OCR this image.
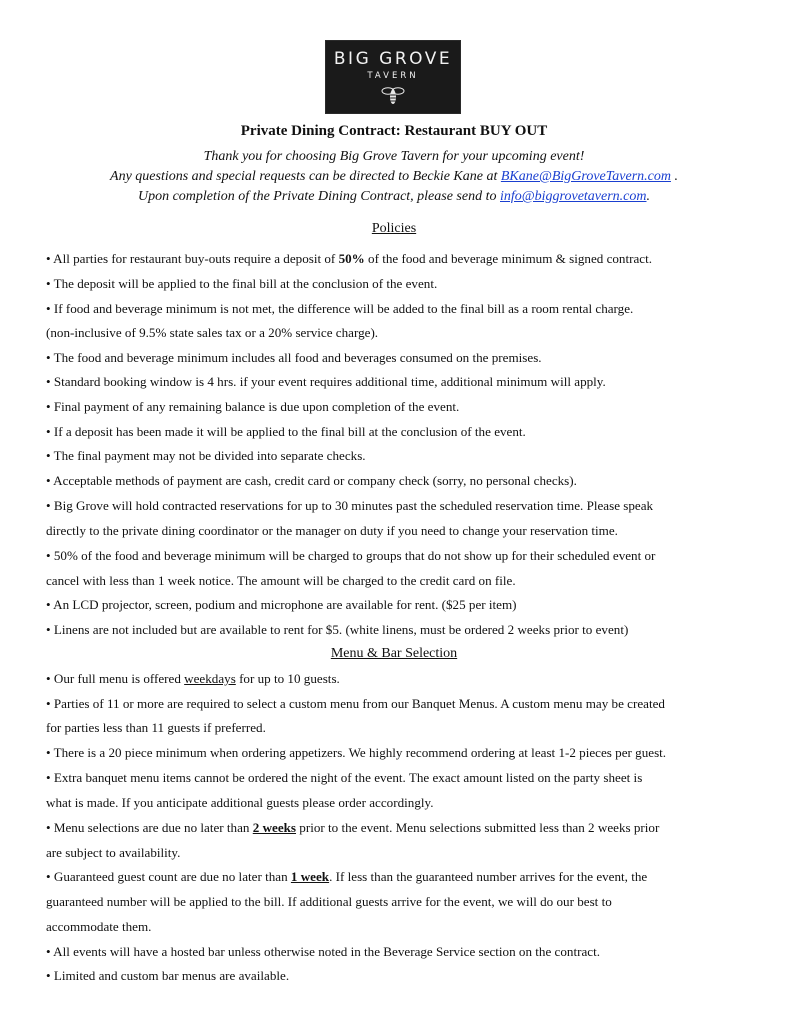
BIG GROVE
TAVERN
Private Dining Contract: Restaurant BUY OUT
Thank you for choosing Big Grove Tavern for your upcoming event!
Any questions and special requests can be directed to Beckie Kane at BKane@BigGroveTavern.com .
Upon completion of the Private Dining Contract, please send to info@biggrovetavern.com.
Policies
• All parties for restaurant buy-outs require a deposit of 50% of the food and beverage minimum & signed contract.
• The deposit will be applied to the final bill at the conclusion of the event.
• If food and beverage minimum is not met, the difference will be added to the final bill as a room rental charge.
(non-inclusive of 9.5% state sales tax or a 20% service charge).
• The food and beverage minimum includes all food and beverages consumed on the premises.
• Standard booking window is 4 hrs. if your event requires additional time, additional minimum will apply.
• Final payment of any remaining balance is due upon completion of the event.
• If a deposit has been made it will be applied to the final bill at the conclusion of the event.
• The final payment may not be divided into separate checks.
• Acceptable methods of payment are cash, credit card or company check (sorry, no personal checks).
• Big Grove will hold contracted reservations for up to 30 minutes past the scheduled reservation time. Please speak
directly to the private dining coordinator or the manager on duty if you need to change your reservation time.
• 50% of the food and beverage minimum will be charged to groups that do not show up for their scheduled event or
cancel with less than 1 week notice. The amount will be charged to the credit card on file.
• An LCD projector, screen, podium and microphone are available for rent. ($25 per item)
• Linens are not included but are available to rent for $5. (white linens, must be ordered 2 weeks prior to event)
Menu & Bar Selection
• Our full menu is offered weekdays for up to 10 guests.
• Parties of 11 or more are required to select a custom menu from our Banquet Menus. A custom menu may be created
for parties less than 11 guests if preferred.
• There is a 20 piece minimum when ordering appetizers. We highly recommend ordering at least 1-2 pieces per guest.
• Extra banquet menu items cannot be ordered the night of the event. The exact amount listed on the party sheet is
what is made. If you anticipate additional guests please order accordingly.
• Menu selections are due no later than 2 weeks prior to the event. Menu selections submitted less than 2 weeks prior
are subject to availability.
• Guaranteed guest count are due no later than 1 week. If less than the guaranteed number arrives for the event, the
guaranteed number will be applied to the bill. If additional guests arrive for the event, we will do our best to
accommodate them.
• All events will have a hosted bar unless otherwise noted in the Beverage Service section on the contract.
• Limited and custom bar menus are available.
